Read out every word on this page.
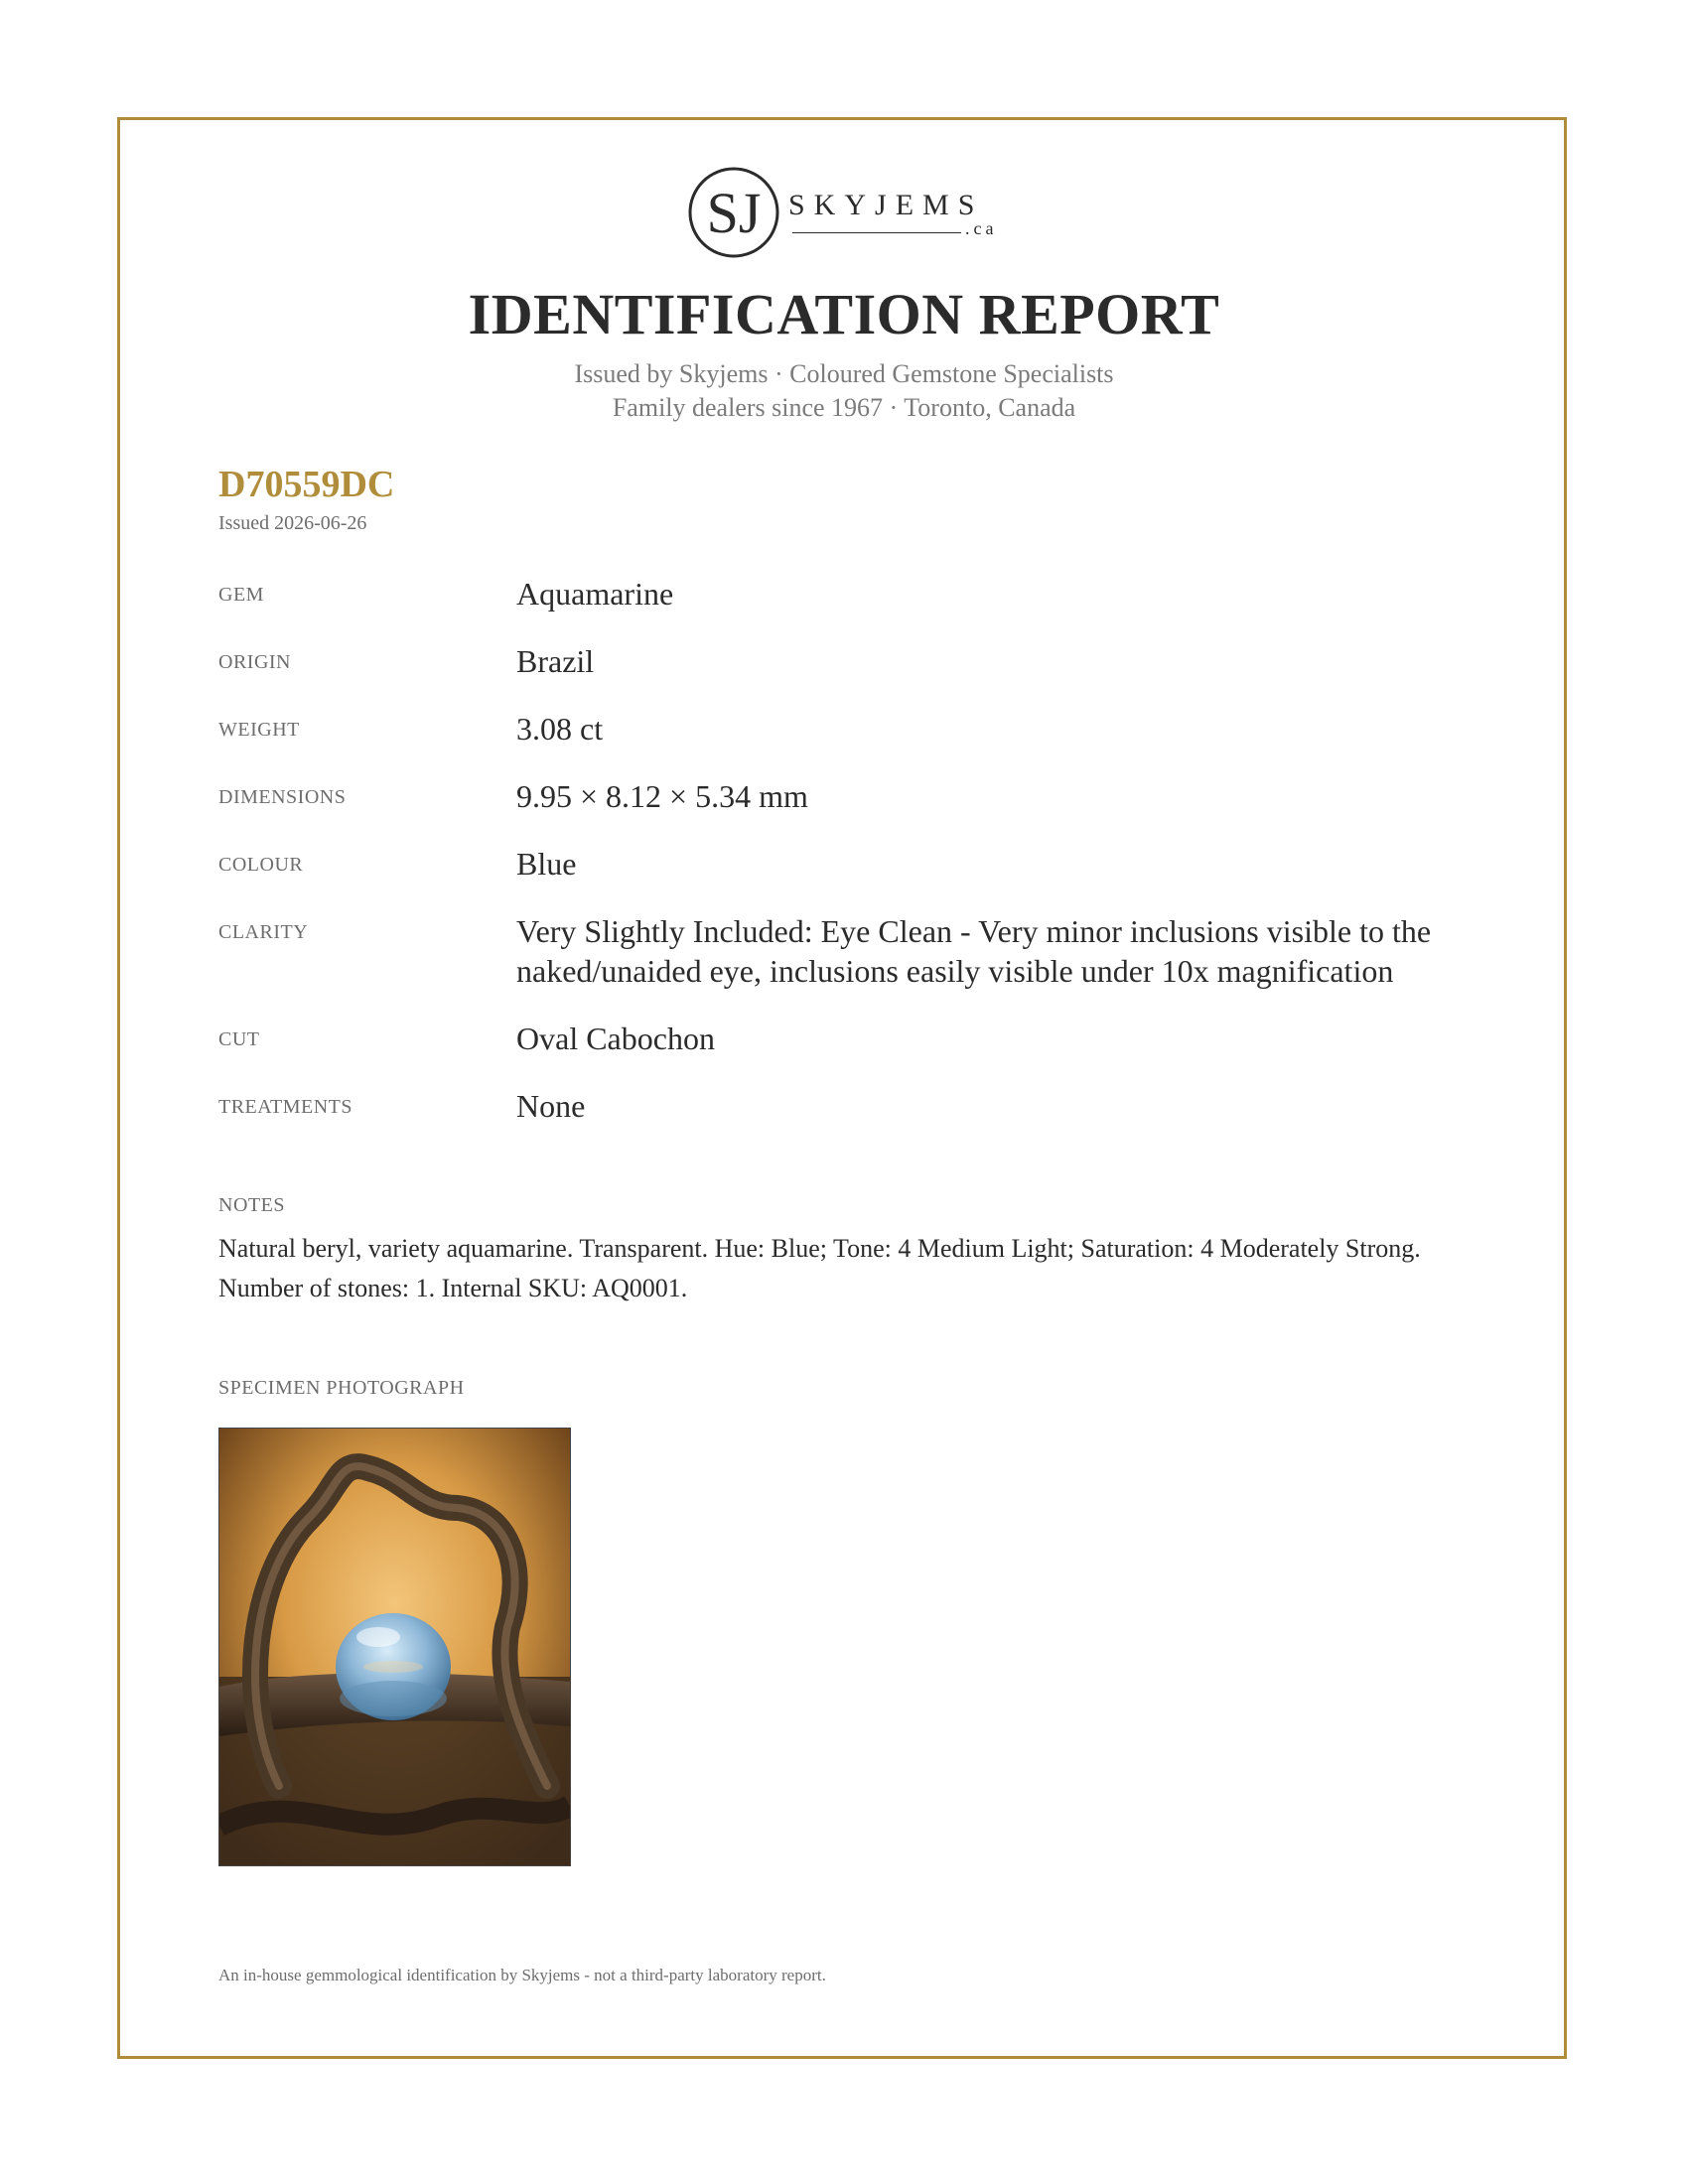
SJ SKYJEMS
.ca
IDENTIFICATION REPORT
Issued by Skyjems · Coloured Gemstone Specialists
Family dealers since 1967 · Toronto, Canada
D70559DC
Issued 2026-06-26
GEM	Aquamarine
ORIGIN	Brazil
WEIGHT	3.08 ct
DIMENSIONS	9.95 × 8.12 × 5.34 mm
COLOUR	Blue
CLARITY	Very Slightly Included: Eye Clean - Very minor inclusions visible to the naked/unaided eye, inclusions easily visible under 10x magnification
CUT	Oval Cabochon
TREATMENTS	None
NOTES
Natural beryl, variety aquamarine. Transparent. Hue: Blue; Tone: 4 Medium Light; Saturation: 4 Moderately Strong. Number of stones: 1. Internal SKU: AQ0001.
SPECIMEN PHOTOGRAPH
An in-house gemmological identification by Skyjems - not a third-party laboratory report.
